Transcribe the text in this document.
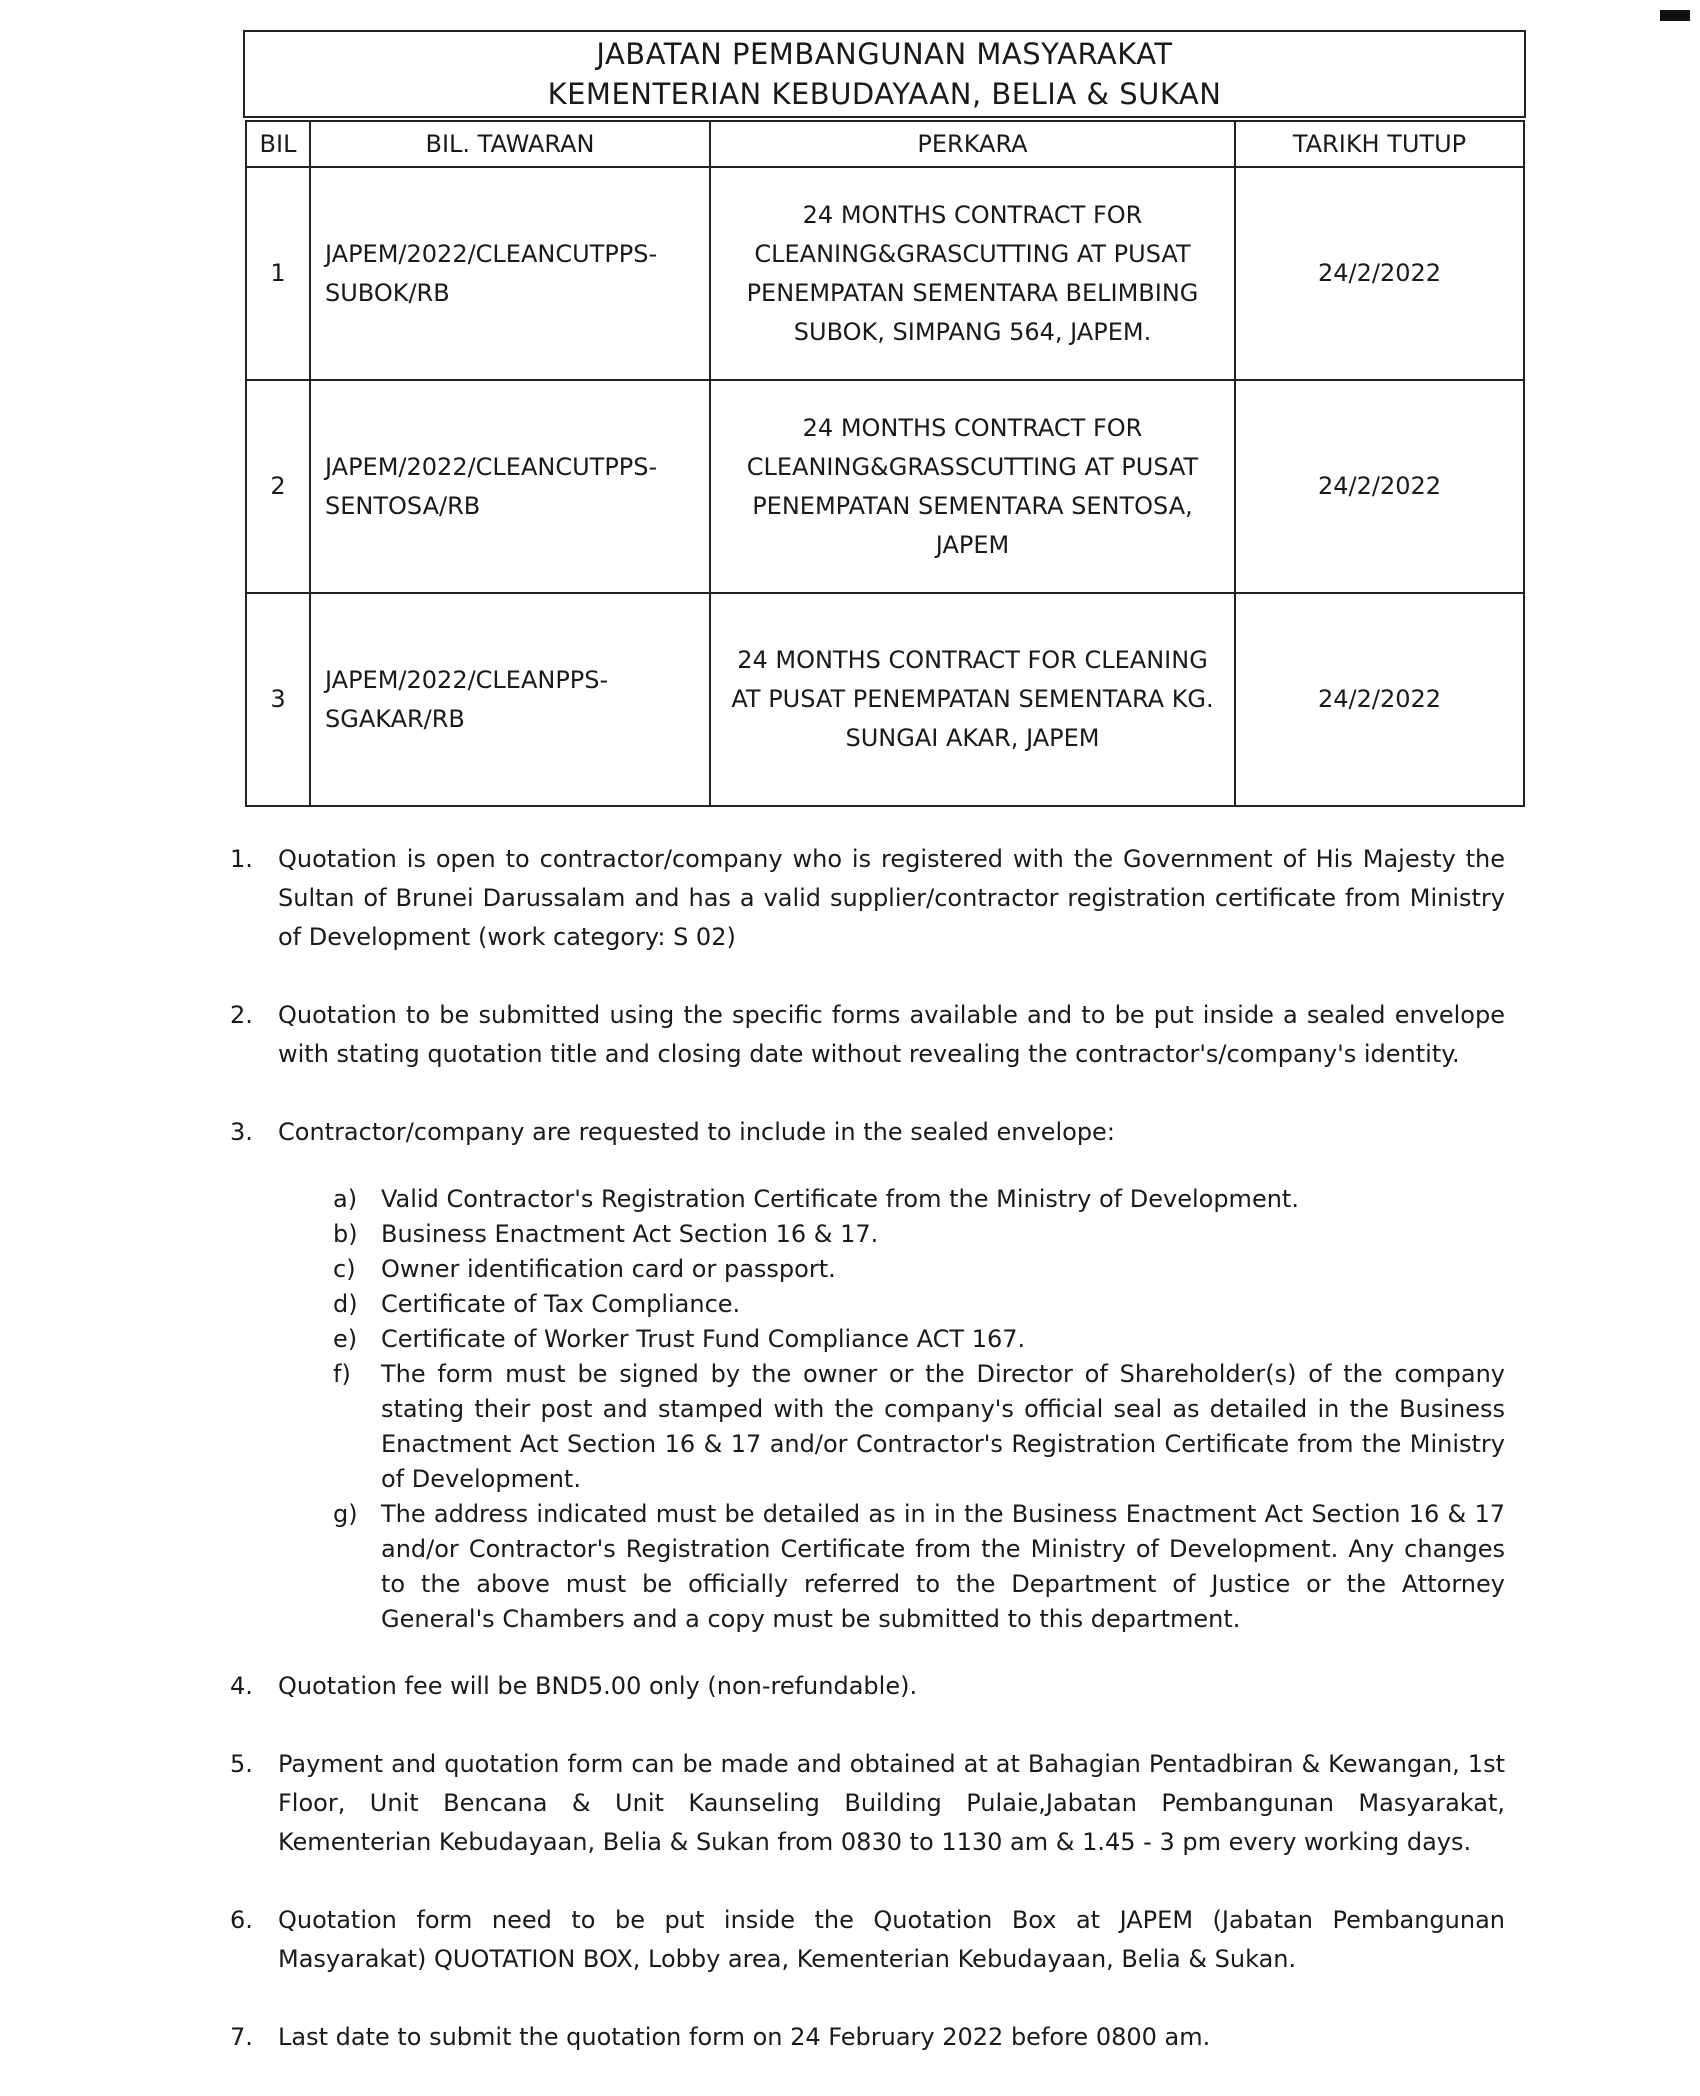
JABATAN PEMBANGUNAN MASYARAKAT
KEMENTERIAN KEBUDAYAAN, BELIA & SUKAN
BIL	BIL. TAWARAN	PERKARA	TARIKH TUTUP
1	JAPEM/2022/CLEANCUTPPS-SUBOK/RB	24 MONTHS CONTRACT FOR CLEANING&GRASCUTTING AT PUSAT PENEMPATAN SEMENTARA BELIMBING SUBOK, SIMPANG 564, JAPEM.	24/2/2022
2	JAPEM/2022/CLEANCUTPPS-SENTOSA/RB	24 MONTHS CONTRACT FOR CLEANING&GRASSCUTTING AT PUSAT PENEMPATAN SEMENTARA SENTOSA, JAPEM	24/2/2022
3	JAPEM/2022/CLEANPPS-SGAKAR/RB	24 MONTHS CONTRACT FOR CLEANING AT PUSAT PENEMPATAN SEMENTARA KG. SUNGAI AKAR, JAPEM	24/2/2022
1.	Quotation is open to contractor/company who is registered with the Government of His Majesty the Sultan of Brunei Darussalam and has a valid supplier/contractor registration certificate from Ministry of Development (work category: S 02)
2.	Quotation to be submitted using the specific forms available and to be put inside a sealed envelope with stating quotation title and closing date without revealing the contractor's/company's identity.
3.	Contractor/company are requested to include in the sealed envelope:
a) Valid Contractor's Registration Certificate from the Ministry of Development.
b) Business Enactment Act Section 16 & 17.
c)	Owner identification card or passport.
d) Certificate of Tax Compliance.
e) Certificate of Worker Trust Fund Compliance ACT 167.
f)	The form must be signed by the owner or the Director of Shareholder(s) of the company stating their post and stamped with the company's official seal as detailed in the Business Enactment Act Section 16 & 17 and/or Contractor's Registration Certificate from the Ministry of Development.
g) The address indicated must be detailed as in in the Business Enactment Act Section 16 & 17 and/or Contractor's Registration Certificate from the Ministry of Development. Any changes to the above must be officially referred to the Department of Justice or the Attorney General's Chambers and a copy must be submitted to this department.
4.	Quotation fee will be BND5.00 only (non-refundable).
5.	Payment and quotation form can be made and obtained at at Bahagian Pentadbiran & Kewangan, 1st Floor, Unit Bencana & Unit Kaunseling Building Pulaie,Jabatan Pembangunan Masyarakat, Kementerian Kebudayaan, Belia & Sukan from 0830 to 1130 am & 1.45 - 3 pm every working days.
6.	Quotation form need to be put inside the Quotation Box at JAPEM (Jabatan Pembangunan Masyarakat) QUOTATION BOX, Lobby area, Kementerian Kebudayaan, Belia & Sukan.
7.	Last date to submit the quotation form on 24 February 2022 before 0800 am.
